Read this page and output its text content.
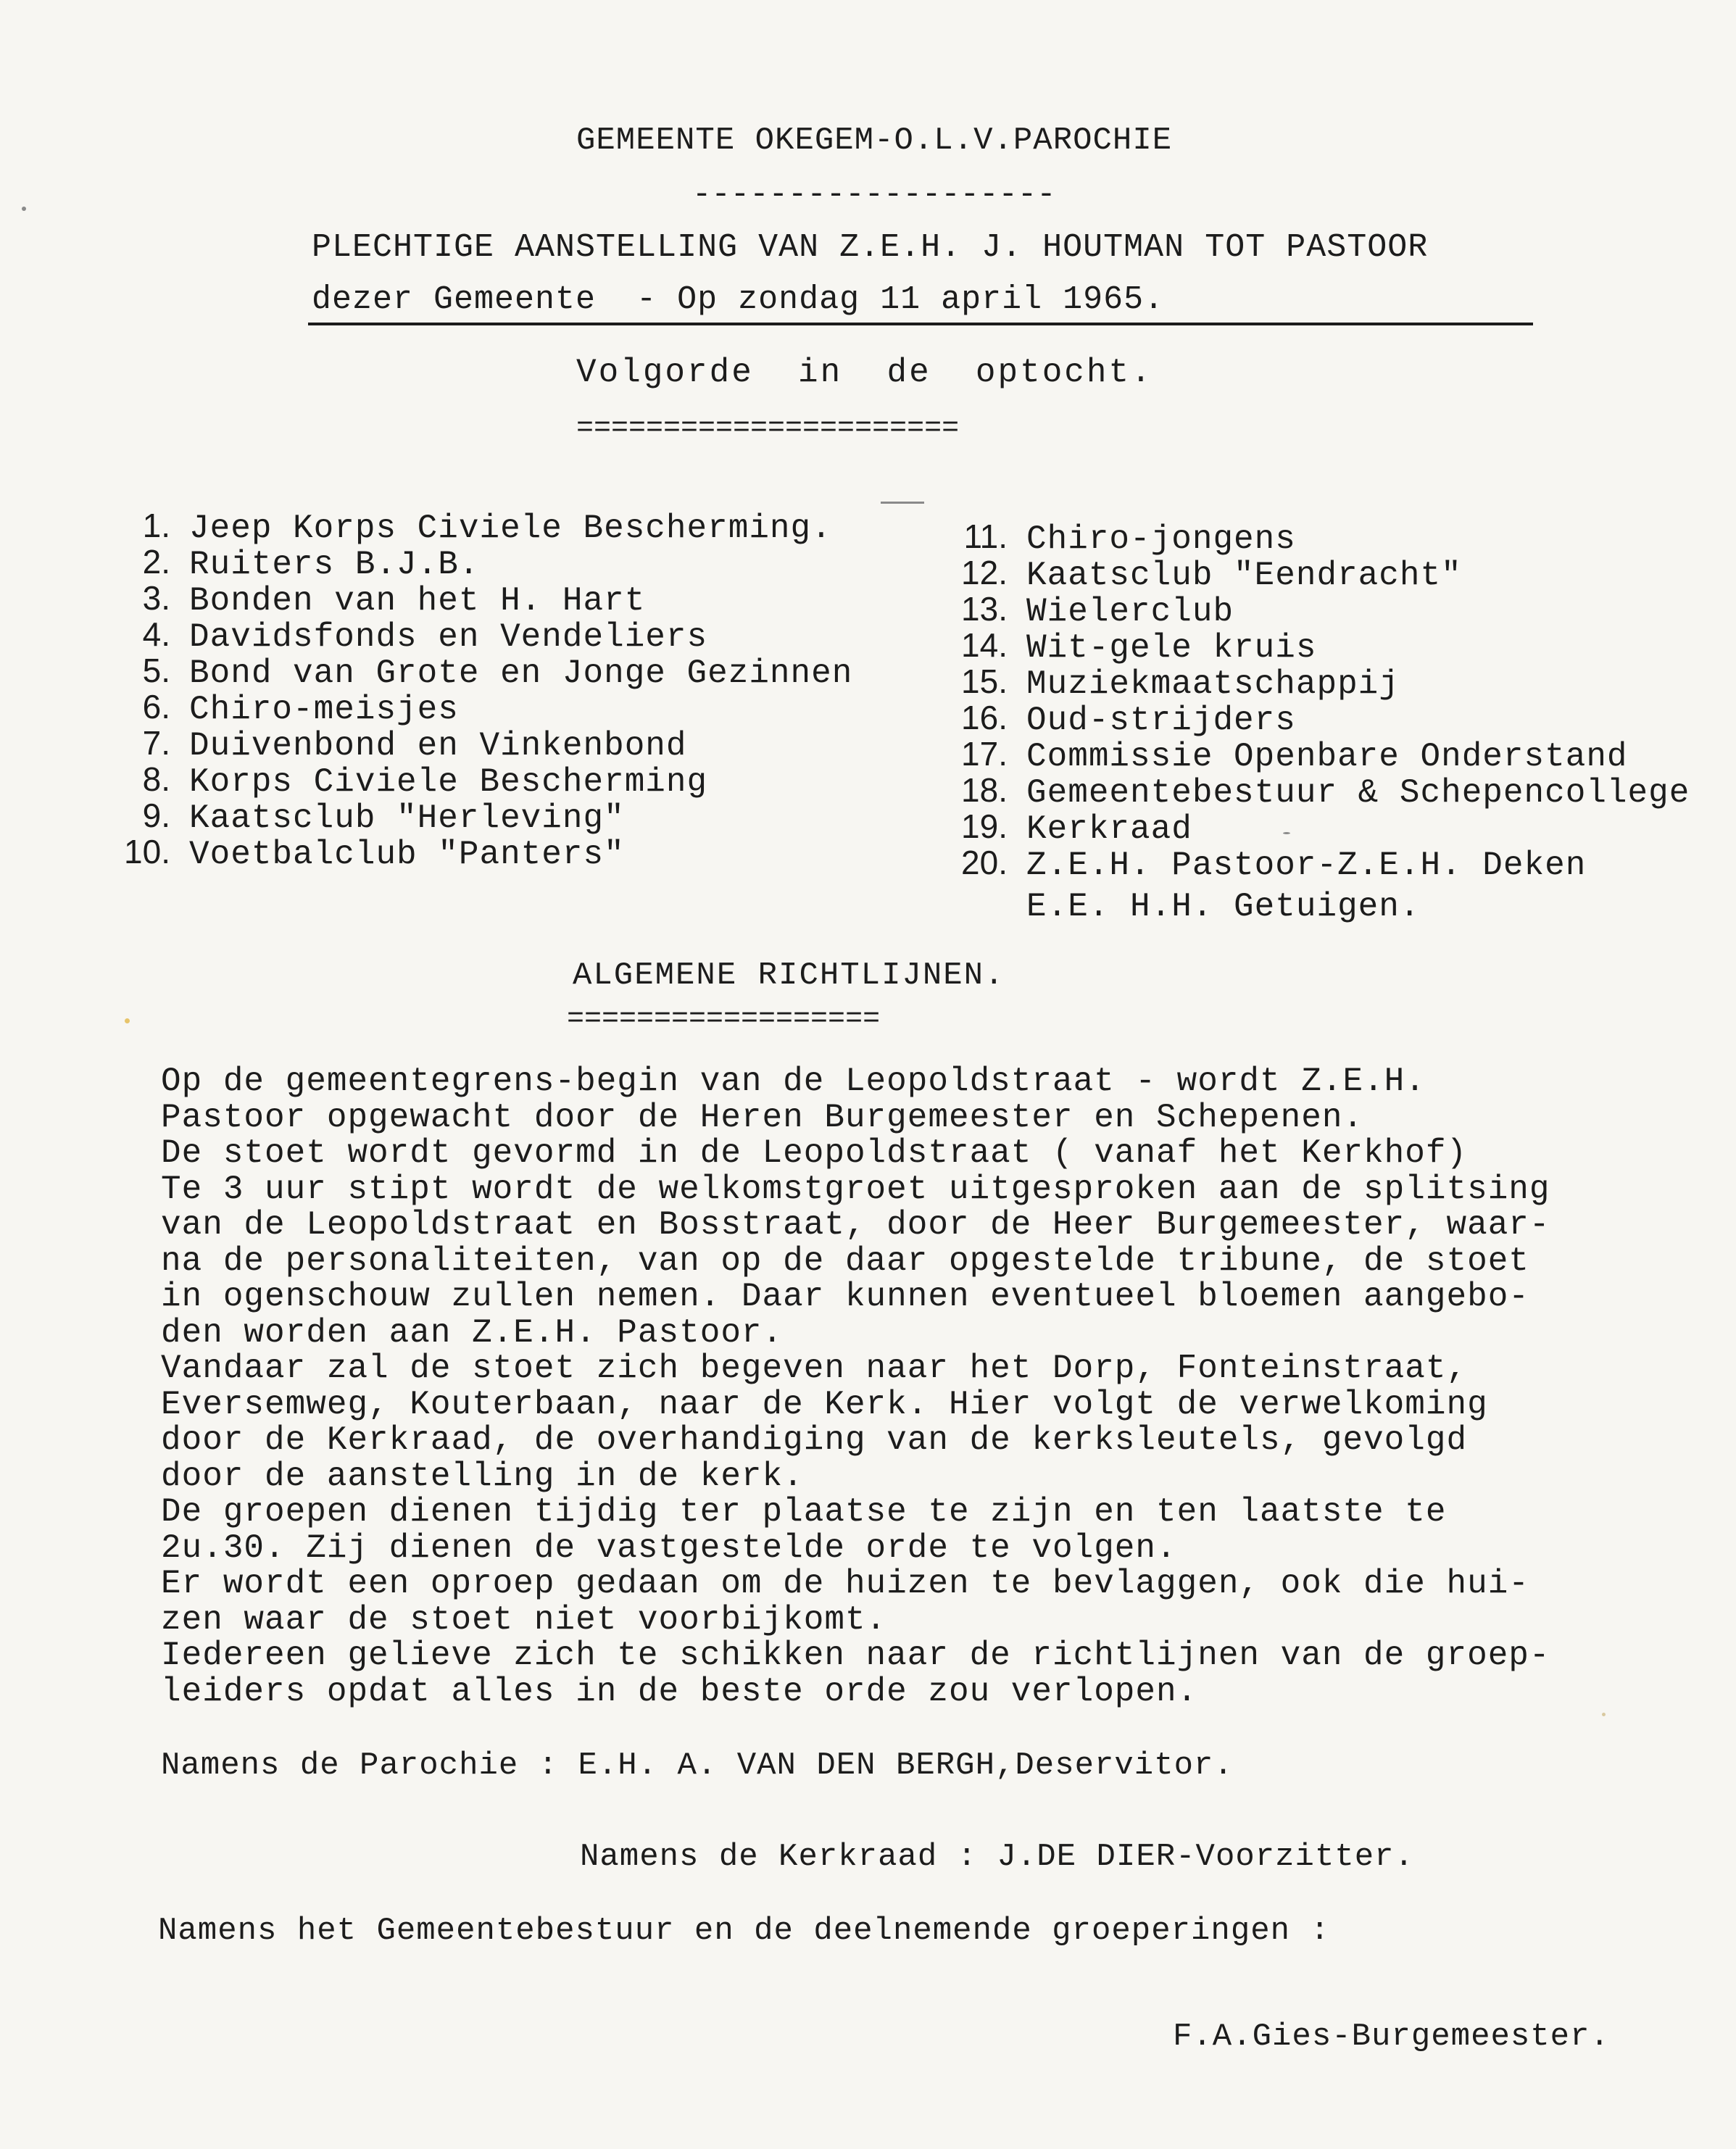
GEMEENTE OKEGEM-O.L.V.PAROCHIE
-------------------
PLECHTIGE AANSTELLING VAN Z.E.H. J. HOUTMAN TOT PASTOOR
dezer Gemeente  - Op zondag 11 april 1965.
Volgorde  in  de  optocht.
======================
1. Jeep Korps Civiele Bescherming.
2. Ruiters B.J.B.
3. Bonden van het H. Hart
4. Davidsfonds en Vendeliers
5. Bond van Grote en Jonge Gezinnen
6. Chiro-meisjes
7. Duivenbond en Vinkenbond
8. Korps Civiele Bescherming
9. Kaatsclub "Herleving"
10. Voetbalclub "Panters"
11. Chiro-jongens
12. Kaatsclub "Eendracht"
13. Wielerclub
14. Wit-gele kruis
15. Muziekmaatschappij
16. Oud-strijders
17. Commissie Openbare Onderstand
18. Gemeentebestuur & Schepencollege
19. Kerkraad
20. Z.E.H. Pastoor-Z.E.H. Deken
E.E. H.H. Getuigen.
ALGEMENE RICHTLIJNEN.
==================
Op de gemeentegrens-begin van de Leopoldstraat - wordt Z.E.H.
Pastoor opgewacht door de Heren Burgemeester en Schepenen.
De stoet wordt gevormd in de Leopoldstraat ( vanaf het Kerkhof)
Te 3 uur stipt wordt de welkomstgroet uitgesproken aan de splitsing
van de Leopoldstraat en Bosstraat, door de Heer Burgemeester, waar-
na de personaliteiten, van op de daar opgestelde tribune, de stoet
in ogenschouw zullen nemen. Daar kunnen eventueel bloemen aangebo-
den worden aan Z.E.H. Pastoor.
Vandaar zal de stoet zich begeven naar het Dorp, Fonteinstraat,
Eversemweg, Kouterbaan, naar de Kerk. Hier volgt de verwelkoming
door de Kerkraad, de overhandiging van de kerksleutels, gevolgd
door de aanstelling in de kerk.
De groepen dienen tijdig ter plaatse te zijn en ten laatste te
2u.30. Zij dienen de vastgestelde orde te volgen.
Er wordt een oproep gedaan om de huizen te bevlaggen, ook die hui-
zen waar de stoet niet voorbijkomt.
Iedereen gelieve zich te schikken naar de richtlijnen van de groep-
leiders opdat alles in de beste orde zou verlopen.
Namens de Parochie : E.H. A. VAN DEN BERGH,Deservitor.
Namens de Kerkraad : J.DE DIER-Voorzitter.
Namens het Gemeentebestuur en de deelnemende groeperingen :
F.A.Gies-Burgemeester.
